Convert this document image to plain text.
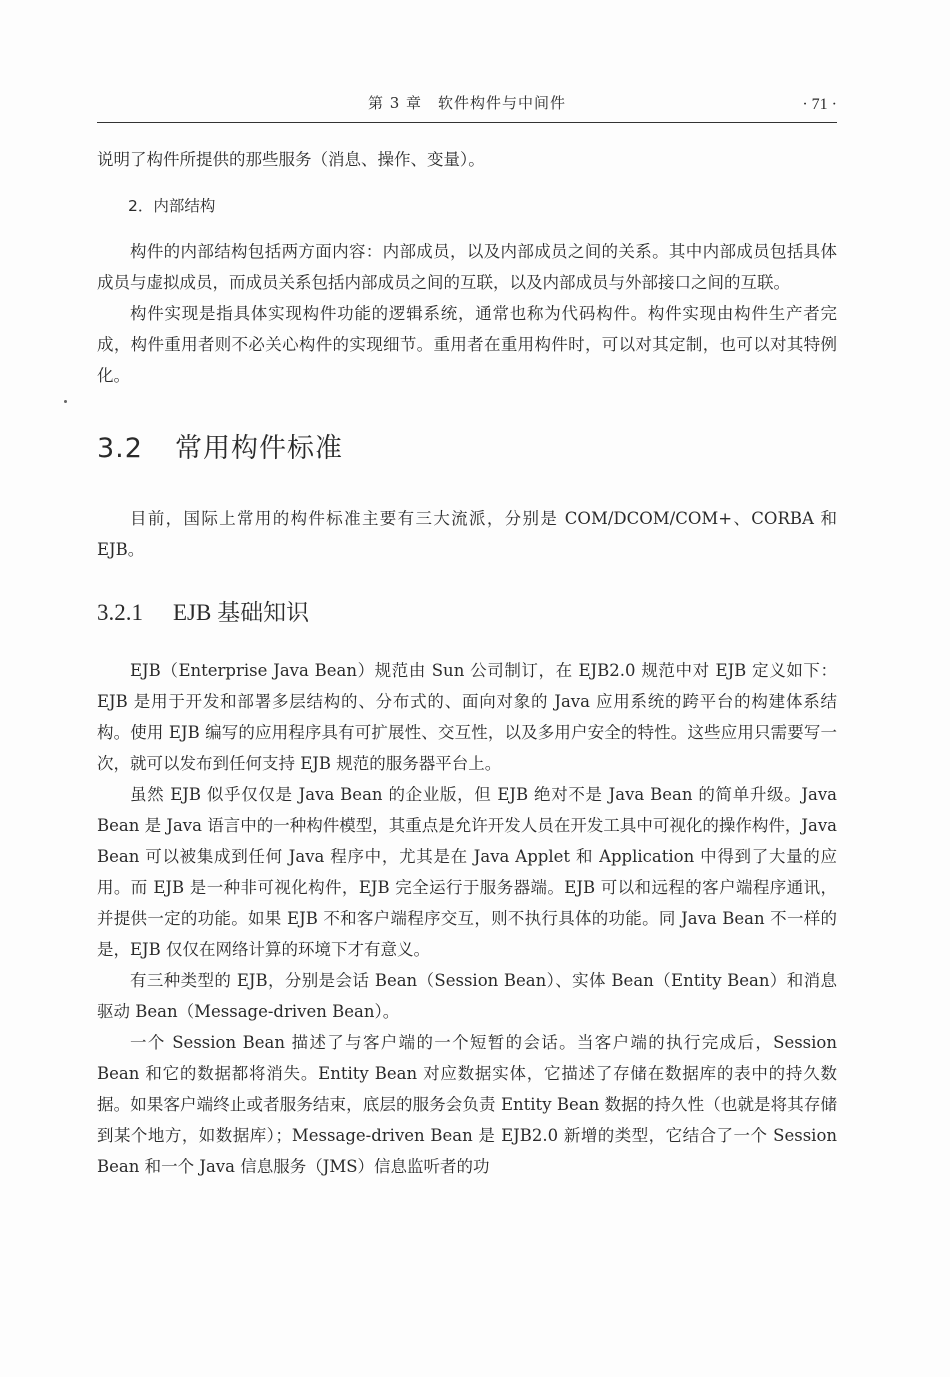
第 3 章　软件构件与中间件	· 71 ·

说明了构件所提供的那些服务（消息、操作、变量）。

2．内部结构

构件的内部结构包括两方面内容：内部成员，以及内部成员之间的关系。其中内部成员包括具体成员与虚拟成员，而成员关系包括内部成员之间的互联，以及内部成员与外部接口之间的互联。

构件实现是指具体实现构件功能的逻辑系统，通常也称为代码构件。构件实现由构件生产者完成，构件重用者则不必关心构件的实现细节。重用者在重用构件时，可以对其定制，也可以对其特例化。

3.2 常用构件标准

目前，国际上常用的构件标准主要有三大流派，分别是 COM/DCOM/COM+、CORBA 和 EJB。

3.2.1 EJB 基础知识

EJB（Enterprise Java Bean）规范由 Sun 公司制订，在 EJB2.0 规范中对 EJB 定义如下：EJB 是用于开发和部署多层结构的、分布式的、面向对象的 Java 应用系统的跨平台的构建体系结构。使用 EJB 编写的应用程序具有可扩展性、交互性，以及多用户安全的特性。这些应用只需要写一次，就可以发布到任何支持 EJB 规范的服务器平台上。

虽然 EJB 似乎仅仅是 Java Bean 的企业版，但 EJB 绝对不是 Java Bean 的简单升级。Java Bean 是 Java 语言中的一种构件模型，其重点是允许开发人员在开发工具中可视化的操作构件，Java Bean 可以被集成到任何 Java 程序中，尤其是在 Java Applet 和 Application 中得到了大量的应用。而 EJB 是一种非可视化构件，EJB 完全运行于服务器端。EJB 可以和远程的客户端程序通讯，并提供一定的功能。如果 EJB 不和客户端程序交互，则不执行具体的功能。同 Java Bean 不一样的是，EJB 仅仅在网络计算的环境下才有意义。

有三种类型的 EJB，分别是会话 Bean（Session Bean）、实体 Bean（Entity Bean）和消息驱动 Bean（Message-driven Bean）。

一个 Session Bean 描述了与客户端的一个短暂的会话。当客户端的执行完成后，Session Bean 和它的数据都将消失。Entity Bean 对应数据实体，它描述了存储在数据库的表中的持久数据。如果客户端终止或者服务结束，底层的服务会负责 Entity Bean 数据的持久性（也就是将其存储到某个地方，如数据库）；Message-driven Bean 是 EJB2.0 新增的类型，它结合了一个 Session Bean 和一个 Java 信息服务（JMS）信息监听者的功
